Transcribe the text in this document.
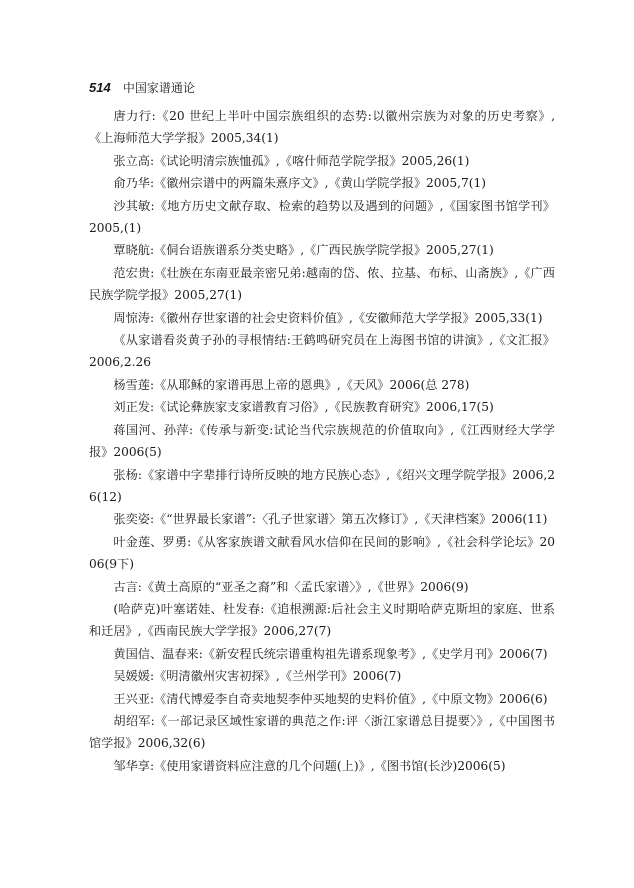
514 中国家谱通论

唐力行:《20 世纪上半叶中国宗族组织的态势:以徽州宗族为对象的历史考察》,《上海师范大学学报》2005,34(1)

张立高:《试论明清宗族恤孤》,《喀什师范学院学报》2005,26(1)

俞乃华:《徽州宗谱中的两篇朱熹序文》,《黄山学院学报》2005,7(1)

沙其敏:《地方历史文献存取、检索的趋势以及遇到的问题》,《国家图书馆学刊》2005,(1)

覃晓航:《侗台语族谱系分类史略》,《广西民族学院学报》2005,27(1)

范宏贵:《壮族在东南亚最亲密兄弟:越南的岱、侬、拉基、布标、山斋族》,《广西民族学院学报》2005,27(1)

周惊涛:《徽州存世家谱的社会史资料价值》,《安徽师范大学学报》2005,33(1)

《从家谱看炎黄子孙的寻根情结:王鹤鸣研究员在上海图书馆的讲演》,《文汇报》2006,2.26

杨雪莲:《从耶稣的家谱再思上帝的恩典》,《天风》2006(总 278)

刘正发:《试论彝族家支家谱教育习俗》,《民族教育研究》2006,17(5)

蒋国河、孙萍:《传承与新变:试论当代宗族规范的价值取向》,《江西财经大学学报》2006(5)

张杨:《家谱中字辈排行诗所反映的地方民族心态》,《绍兴文理学院学报》2006,26(12)

张奕姿:《“世界最长家谱”:〈孔子世家谱〉第五次修订》,《天津档案》2006(11)

叶金莲、罗勇:《从客家族谱文献看风水信仰在民间的影响》,《社会科学论坛》2006(9下)

古言:《黄土高原的“亚圣之裔”和〈孟氏家谱〉》,《世界》2006(9)

(哈萨克)叶塞诺娃、杜发春:《追根溯源:后社会主义时期哈萨克斯坦的家庭、世系和迁居》,《西南民族大学学报》2006,27(7)

黄国信、温春来:《新安程氏统宗谱重构祖先谱系现象考》,《史学月刊》2006(7)

吴媛媛:《明清徽州灾害初探》,《兰州学刊》2006(7)

王兴亚:《清代博爱李自奇卖地契李仲买地契的史料价值》,《中原文物》2006(6)

胡绍军:《一部记录区域性家谱的典范之作:评〈浙江家谱总目提要〉》,《中国图书馆学报》2006,32(6)

邹华享:《使用家谱资料应注意的几个问题(上)》,《图书馆(长沙)2006(5)
